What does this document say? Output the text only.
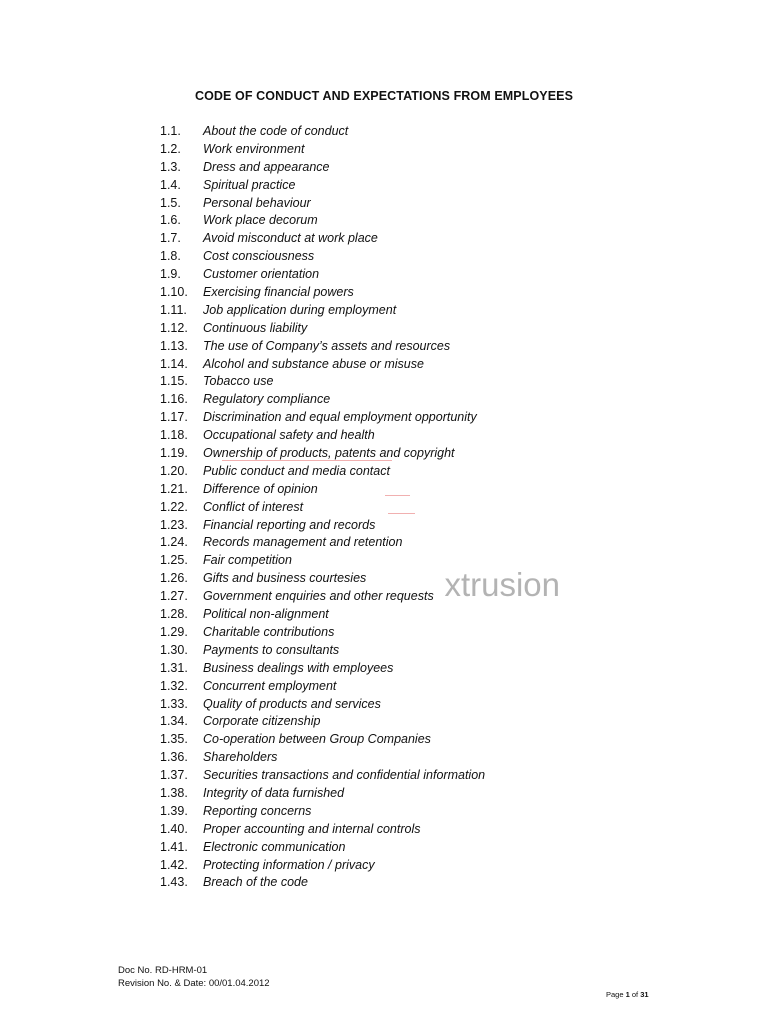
CODE OF CONDUCT AND EXPECTATIONS FROM EMPLOYEES
1.1. About the code of conduct
1.2. Work environment
1.3. Dress and appearance
1.4. Spiritual practice
1.5. Personal behaviour
1.6. Work place decorum
1.7. Avoid misconduct at work place
1.8. Cost consciousness
1.9. Customer orientation
1.10. Exercising financial powers
1.11. Job application during employment
1.12. Continuous liability
1.13. The use of Company’s assets and resources
1.14. Alcohol and substance abuse or misuse
1.15. Tobacco use
1.16. Regulatory compliance
1.17. Discrimination and equal employment opportunity
1.18. Occupational safety and health
1.19. Ownership of products, patents and copyright
1.20. Public conduct and media contact
1.21. Difference of opinion
1.22. Conflict of interest
1.23. Financial reporting and records
1.24. Records management and retention
1.25. Fair competition
1.26. Gifts and business courtesies
1.27. Government enquiries and other requests
1.28. Political non-alignment
1.29. Charitable contributions
1.30. Payments to consultants
1.31. Business dealings with employees
1.32. Concurrent employment
1.33. Quality of products and services
1.34. Corporate citizenship
1.35. Co-operation between Group Companies
1.36. Shareholders
1.37. Securities transactions and confidential information
1.38. Integrity of data furnished
1.39. Reporting concerns
1.40. Proper accounting and internal controls
1.41. Electronic communication
1.42. Protecting information / privacy
1.43. Breach of the code
xtrusion
Doc No. RD-HRM-01
Revision No. & Date: 00/01.04.2012
Page 1 of 31
